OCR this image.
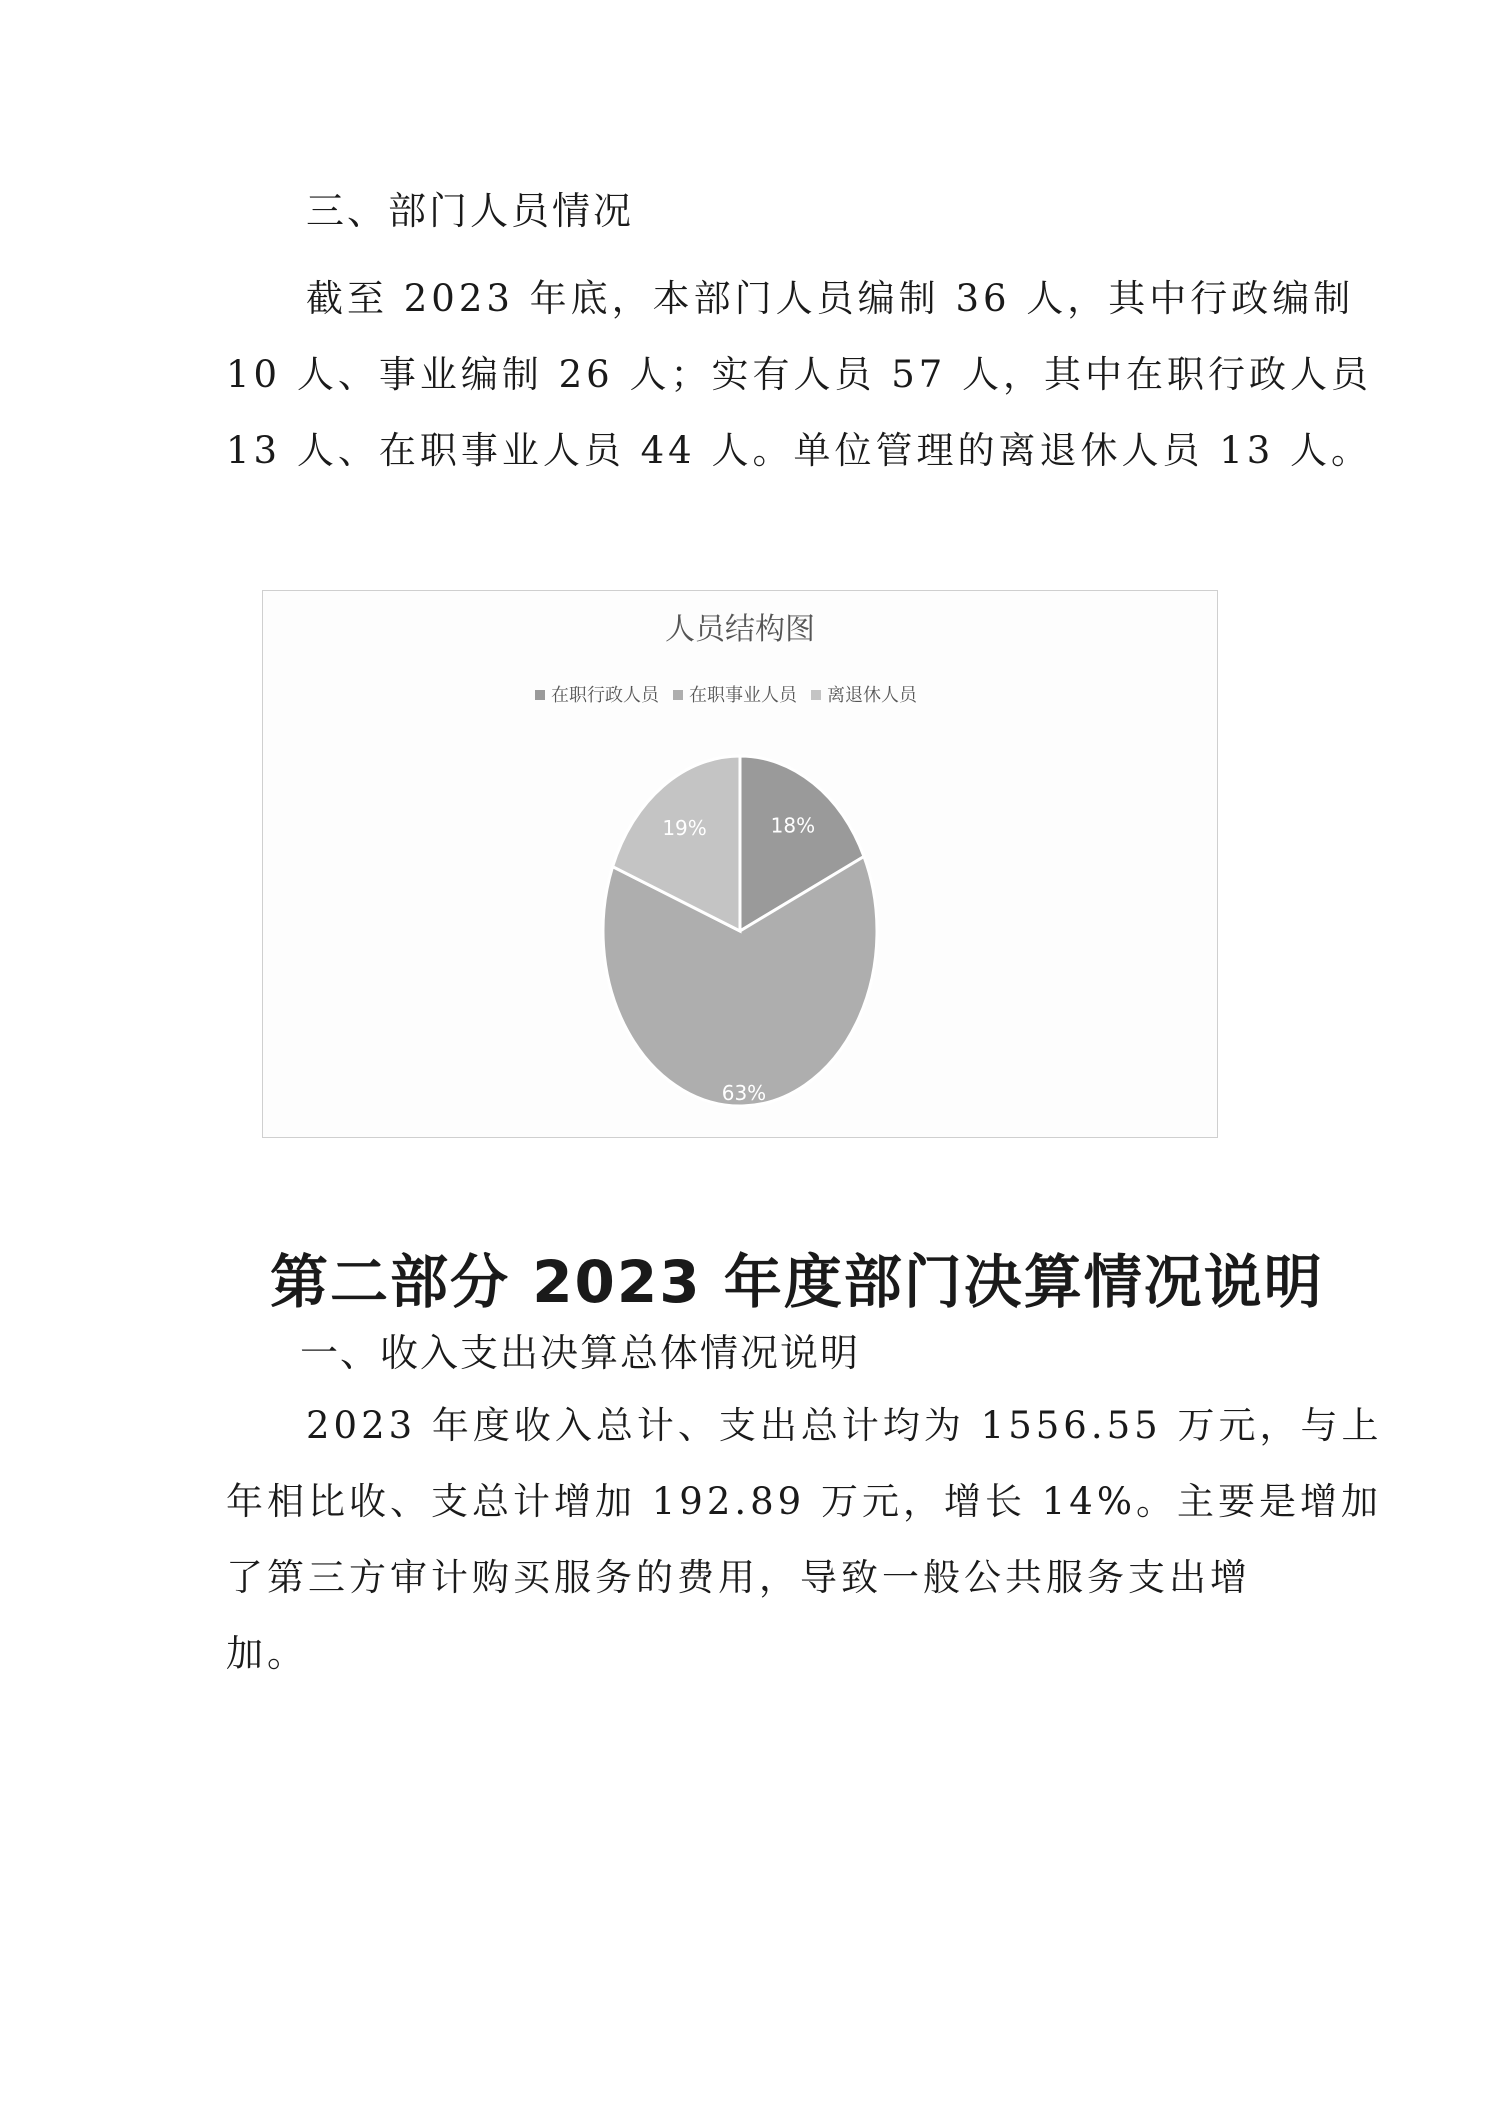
三、部门人员情况
截至 2023 年底，本部门人员编制 36 人，其中行政编制
10 人、事业编制 26 人；实有人员 57 人，其中在职行政人员
13 人、在职事业人员 44 人。单位管理的离退休人员 13 人。
人员结构图
在职行政人员 在职事业人员 离退休人员
18%
63%
19%
第二部分 2023 年度部门决算情况说明
一、收入支出决算总体情况说明
2023 年度收入总计、支出总计均为 1556.55 万元，与上
年相比收、支总计增加 192.89 万元，增长 14%。主要是增加
了第三方审计购买服务的费用，导致一般公共服务支出增
加。
